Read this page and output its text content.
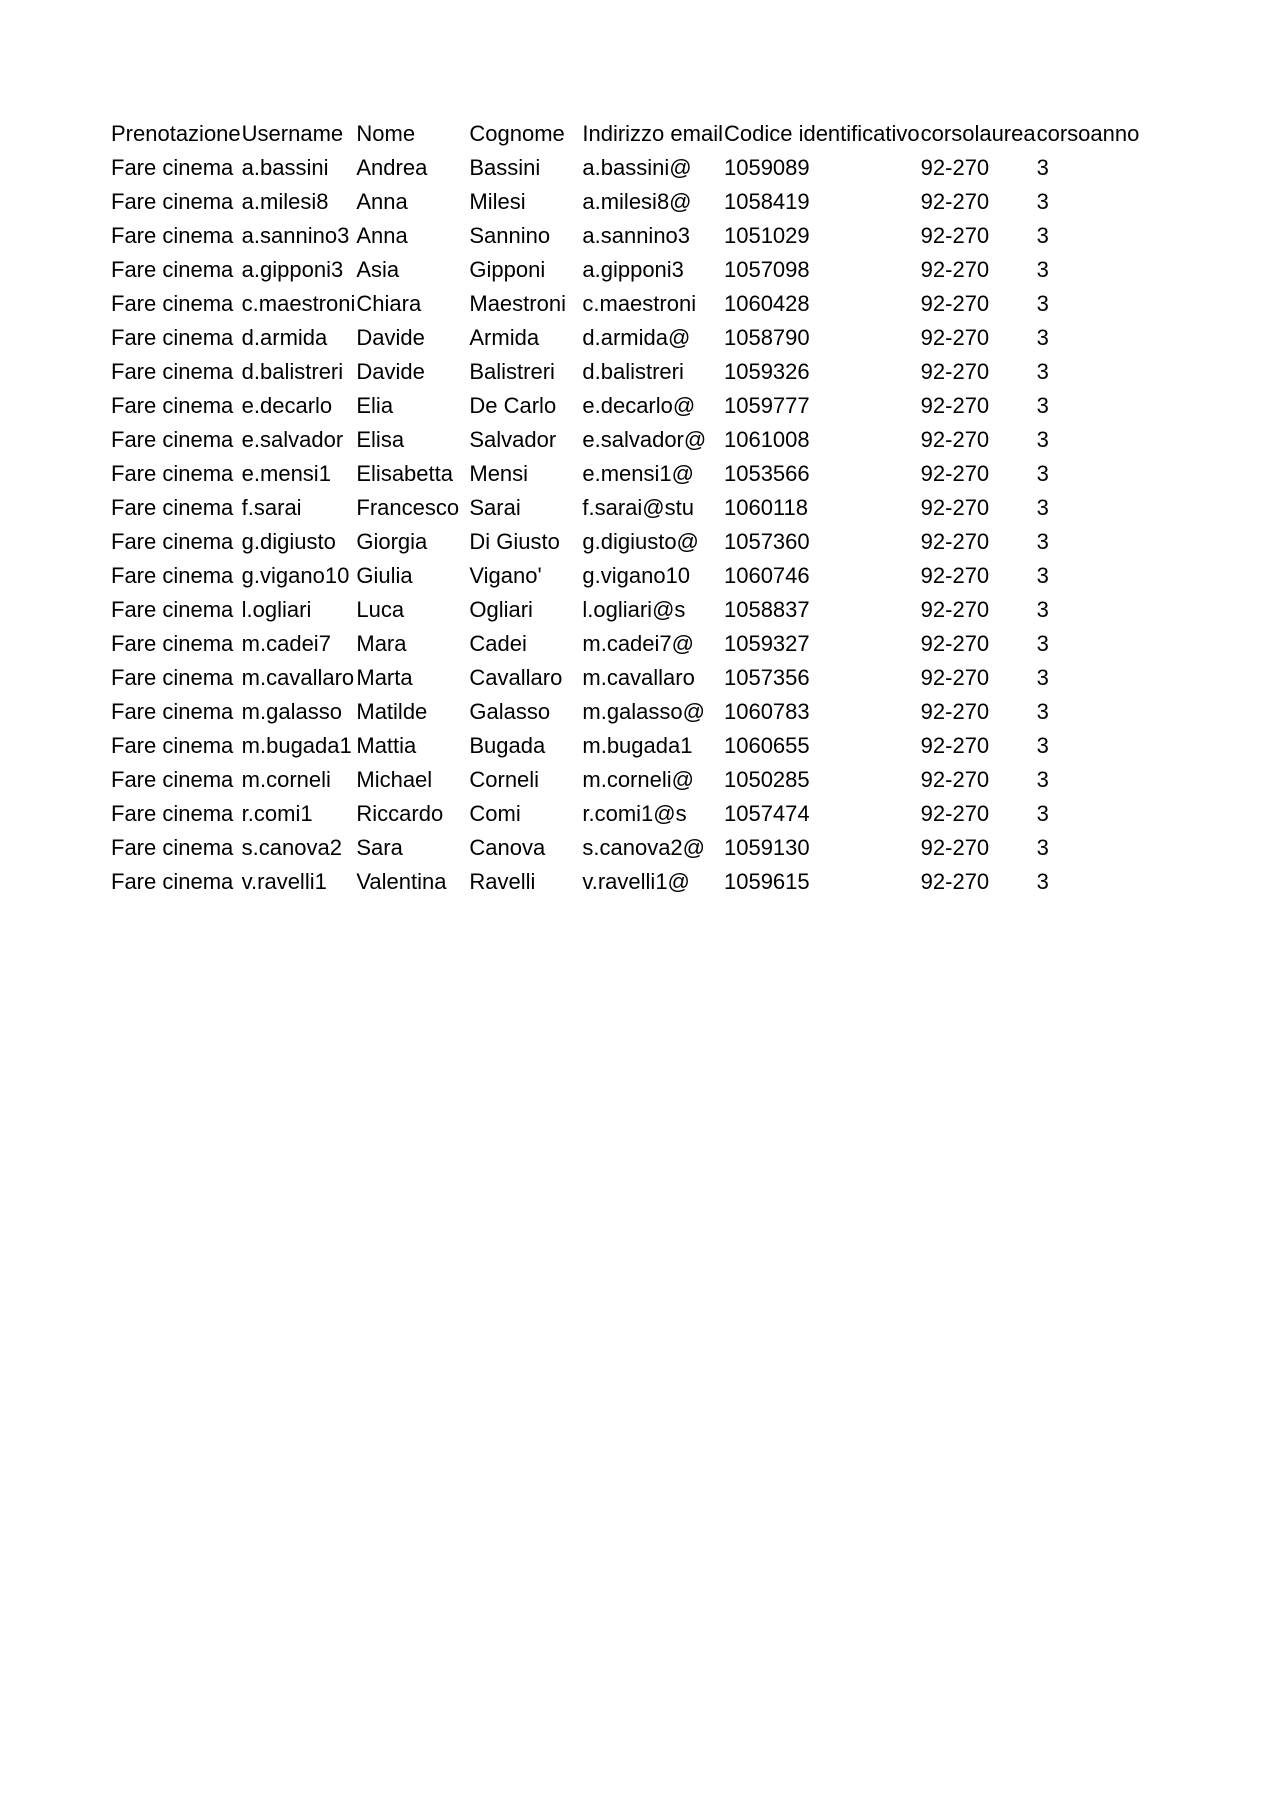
Prenotazione	Username	Nome	Cognome	Indirizzo email	Codice identificativo	corsolaurea	corsoanno
Fare cinema	a.bassini	Andrea	Bassini	a.bassini@	1059089	92-270	3
Fare cinema	a.milesi8	Anna	Milesi	a.milesi8@	1058419	92-270	3
Fare cinema	a.sannino3	Anna	Sannino	a.sannino3	1051029	92-270	3
Fare cinema	a.gipponi3	Asia	Gipponi	a.gipponi3	1057098	92-270	3
Fare cinema	c.maestroni	Chiara	Maestroni	c.maestroni	1060428	92-270	3
Fare cinema	d.armida	Davide	Armida	d.armida@	1058790	92-270	3
Fare cinema	d.balistreri	Davide	Balistreri	d.balistreri	1059326	92-270	3
Fare cinema	e.decarlo	Elia	De Carlo	e.decarlo@	1059777	92-270	3
Fare cinema	e.salvador	Elisa	Salvador	e.salvador@	1061008	92-270	3
Fare cinema	e.mensi1	Elisabetta	Mensi	e.mensi1@	1053566	92-270	3
Fare cinema	f.sarai	Francesco	Sarai	f.sarai@stu	1060118	92-270	3
Fare cinema	g.digiusto	Giorgia	Di Giusto	g.digiusto@	1057360	92-270	3
Fare cinema	g.vigano10	Giulia	Vigano'	g.vigano10	1060746	92-270	3
Fare cinema	l.ogliari	Luca	Ogliari	l.ogliari@s	1058837	92-270	3
Fare cinema	m.cadei7	Mara	Cadei	m.cadei7@	1059327	92-270	3
Fare cinema	m.cavallaro	Marta	Cavallaro	m.cavallaro	1057356	92-270	3
Fare cinema	m.galasso	Matilde	Galasso	m.galasso@	1060783	92-270	3
Fare cinema	m.bugada1	Mattia	Bugada	m.bugada1	1060655	92-270	3
Fare cinema	m.corneli	Michael	Corneli	m.corneli@	1050285	92-270	3
Fare cinema	r.comi1	Riccardo	Comi	r.comi1@s	1057474	92-270	3
Fare cinema	s.canova2	Sara	Canova	s.canova2@	1059130	92-270	3
Fare cinema	v.ravelli1	Valentina	Ravelli	v.ravelli1@	1059615	92-270	3
